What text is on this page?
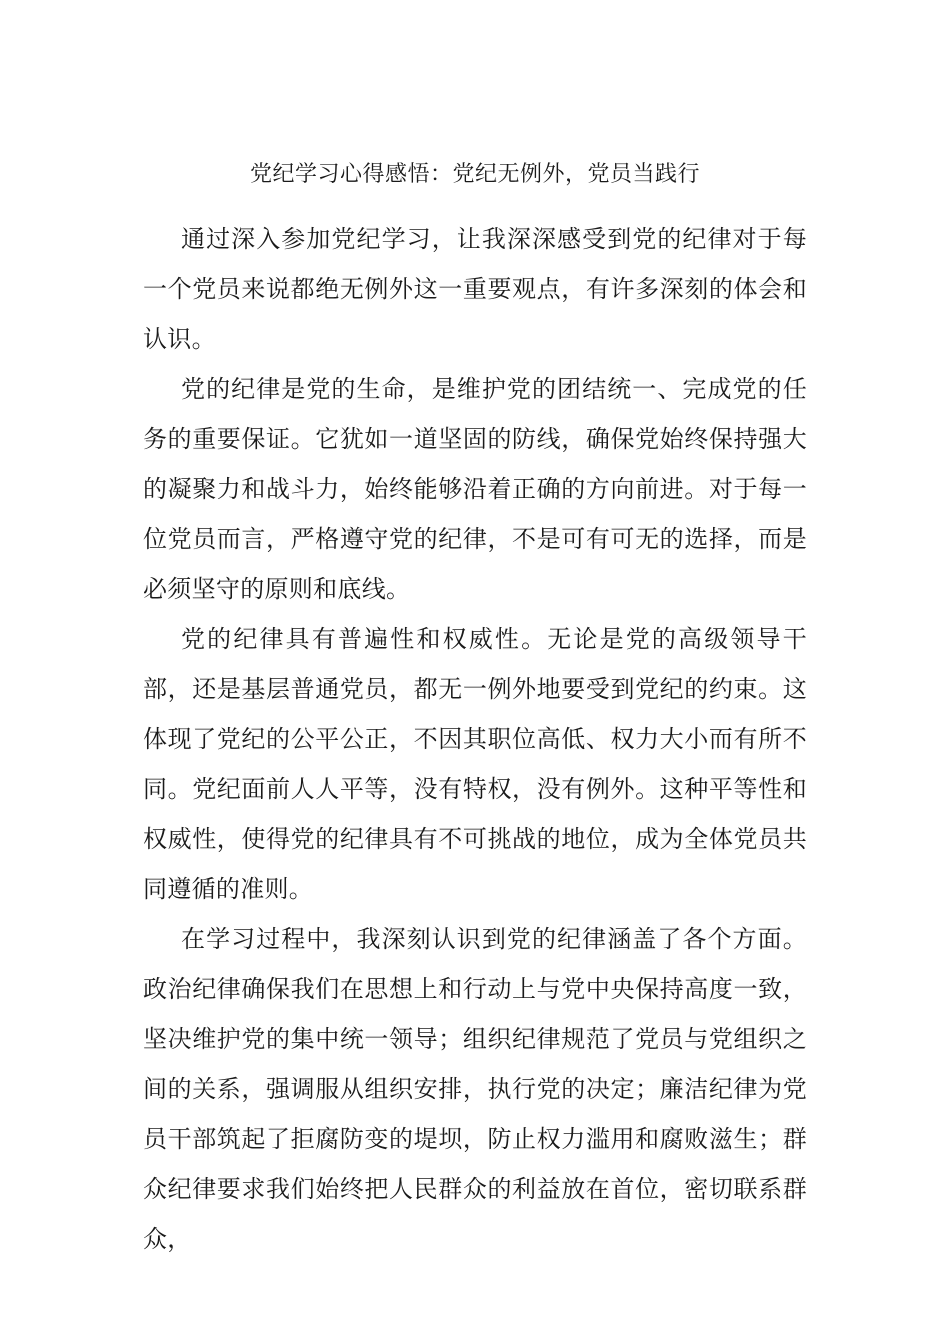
党纪学习心得感悟：党纪无例外，党员当践行

通过深入参加党纪学习，让我深深感受到党的纪律对于每一个党员来说都绝无例外这一重要观点，有许多深刻的体会和认识。

党的纪律是党的生命，是维护党的团结统一、完成党的任务的重要保证。它犹如一道坚固的防线，确保党始终保持强大的凝聚力和战斗力，始终能够沿着正确的方向前进。对于每一位党员而言，严格遵守党的纪律，不是可有可无的选择，而是必须坚守的原则和底线。

党的纪律具有普遍性和权威性。无论是党的高级领导干部，还是基层普通党员，都无一例外地要受到党纪的约束。这体现了党纪的公平公正，不因其职位高低、权力大小而有所不同。党纪面前人人平等，没有特权，没有例外。这种平等性和权威性，使得党的纪律具有不可挑战的地位，成为全体党员共同遵循的准则。

在学习过程中，我深刻认识到党的纪律涵盖了各个方面。政治纪律确保我们在思想上和行动上与党中央保持高度一致，坚决维护党的集中统一领导；组织纪律规范了党员与党组织之间的关系，强调服从组织安排，执行党的决定；廉洁纪律为党员干部筑起了拒腐防变的堤坝，防止权力滥用和腐败滋生；群众纪律要求我们始终把人民群众的利益放在首位，密切联系群众，
